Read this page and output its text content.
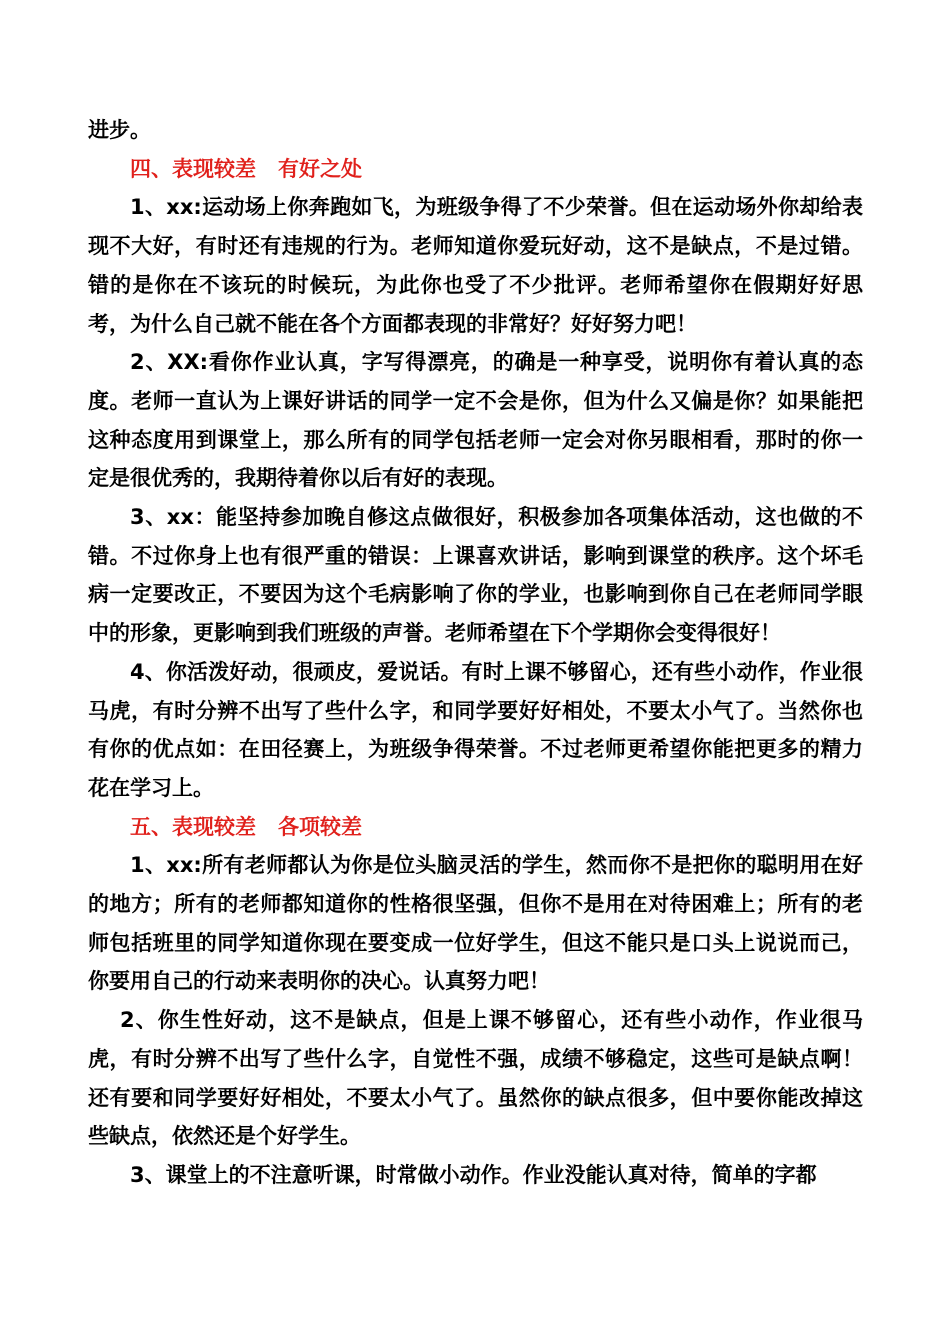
进步。

四、表现较差 有好之处

1、xx:运动场上你奔跑如飞，为班级争得了不少荣誉。但在运动场外你却给表现不大好，有时还有违规的行为。老师知道你爱玩好动，这不是缺点，不是过错。错的是你在不该玩的时候玩，为此你也受了不少批评。老师希望你在假期好好思考，为什么自己就不能在各个方面都表现的非常好？好好努力吧！

2、XX:看你作业认真，字写得漂亮，的确是一种享受，说明你有着认真的态度。老师一直认为上课好讲话的同学一定不会是你，但为什么又偏是你？如果能把这种态度用到课堂上，那么所有的同学包括老师一定会对你另眼相看，那时的你一定是很优秀的，我期待着你以后有好的表现。

3、xx：能坚持参加晚自修这点做很好，积极参加各项集体活动，这也做的不错。不过你身上也有很严重的错误：上课喜欢讲话，影响到课堂的秩序。这个坏毛病一定要改正，不要因为这个毛病影响了你的学业，也影响到你自己在老师同学眼中的形象，更影响到我们班级的声誉。老师希望在下个学期你会变得很好！

4、你活泼好动，很顽皮，爱说话。有时上课不够留心，还有些小动作，作业很马虎，有时分辨不出写了些什么字，和同学要好好相处，不要太小气了。当然你也有你的优点如：在田径赛上，为班级争得荣誉。不过老师更希望你能把更多的精力花在学习上。

五、表现较差 各项较差

1、xx:所有老师都认为你是位头脑灵活的学生，然而你不是把你的聪明用在好的地方；所有的老师都知道你的性格很坚强，但你不是用在对待困难上；所有的老师包括班里的同学知道你现在要变成一位好学生，但这不能只是口头上说说而己，你要用自己的行动来表明你的决心。认真努力吧！

2、你生性好动，这不是缺点，但是上课不够留心，还有些小动作，作业很马虎，有时分辨不出写了些什么字，自觉性不强，成绩不够稳定，这些可是缺点啊！还有要和同学要好好相处，不要太小气了。虽然你的缺点很多，但中要你能改掉这些缺点，依然还是个好学生。

3、课堂上的不注意听课，时常做小动作。作业没能认真对待，简单的字都
